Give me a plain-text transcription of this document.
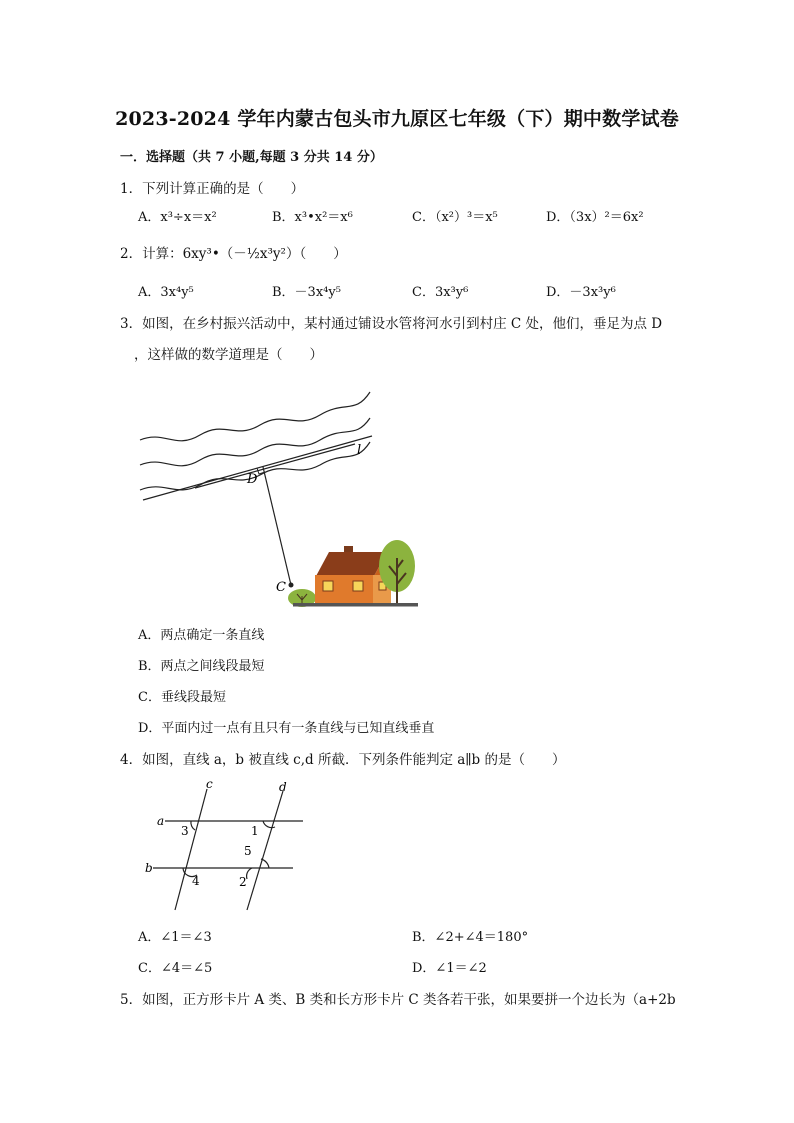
2023-2024 学年内蒙古包头市九原区七年级（下）期中数学试卷
一．选择题（共 7 小题,每题 3 分共 14 分）
1．下列计算正确的是（　　）
A．x³÷x＝x²	B．x³•x²＝x⁶	C．（x²）³＝x⁵	D．（3x）²＝6x²
2．计算：6xy³•（－½x³y²）（　　）
A．3x⁴y⁵	B．－3x⁴y⁵	C．3x³y⁶	D．－3x³y⁶
3．如图，在乡村振兴活动中，某村通过铺设水管将河水引到村庄 C 处，他们，垂足为点 D
，这样做的数学道理是（　　）
l
D
C
A．两点确定一条直线
B．两点之间线段最短
C．垂线段最短
D．平面内过一点有且只有一条直线与已知直线垂直
4．如图，直线 a，b 被直线 c,d 所截．下列条件能判定 a∥b 的是（　　）
a
b
c	d
1
2
3
4
5
A．∠1＝∠3	B．∠2+∠4＝180°
C．∠4＝∠5	D．∠1＝∠2
5．如图，正方形卡片 A 类、B 类和长方形卡片 C 类各若干张，如果要拼一个边长为（a+2b
